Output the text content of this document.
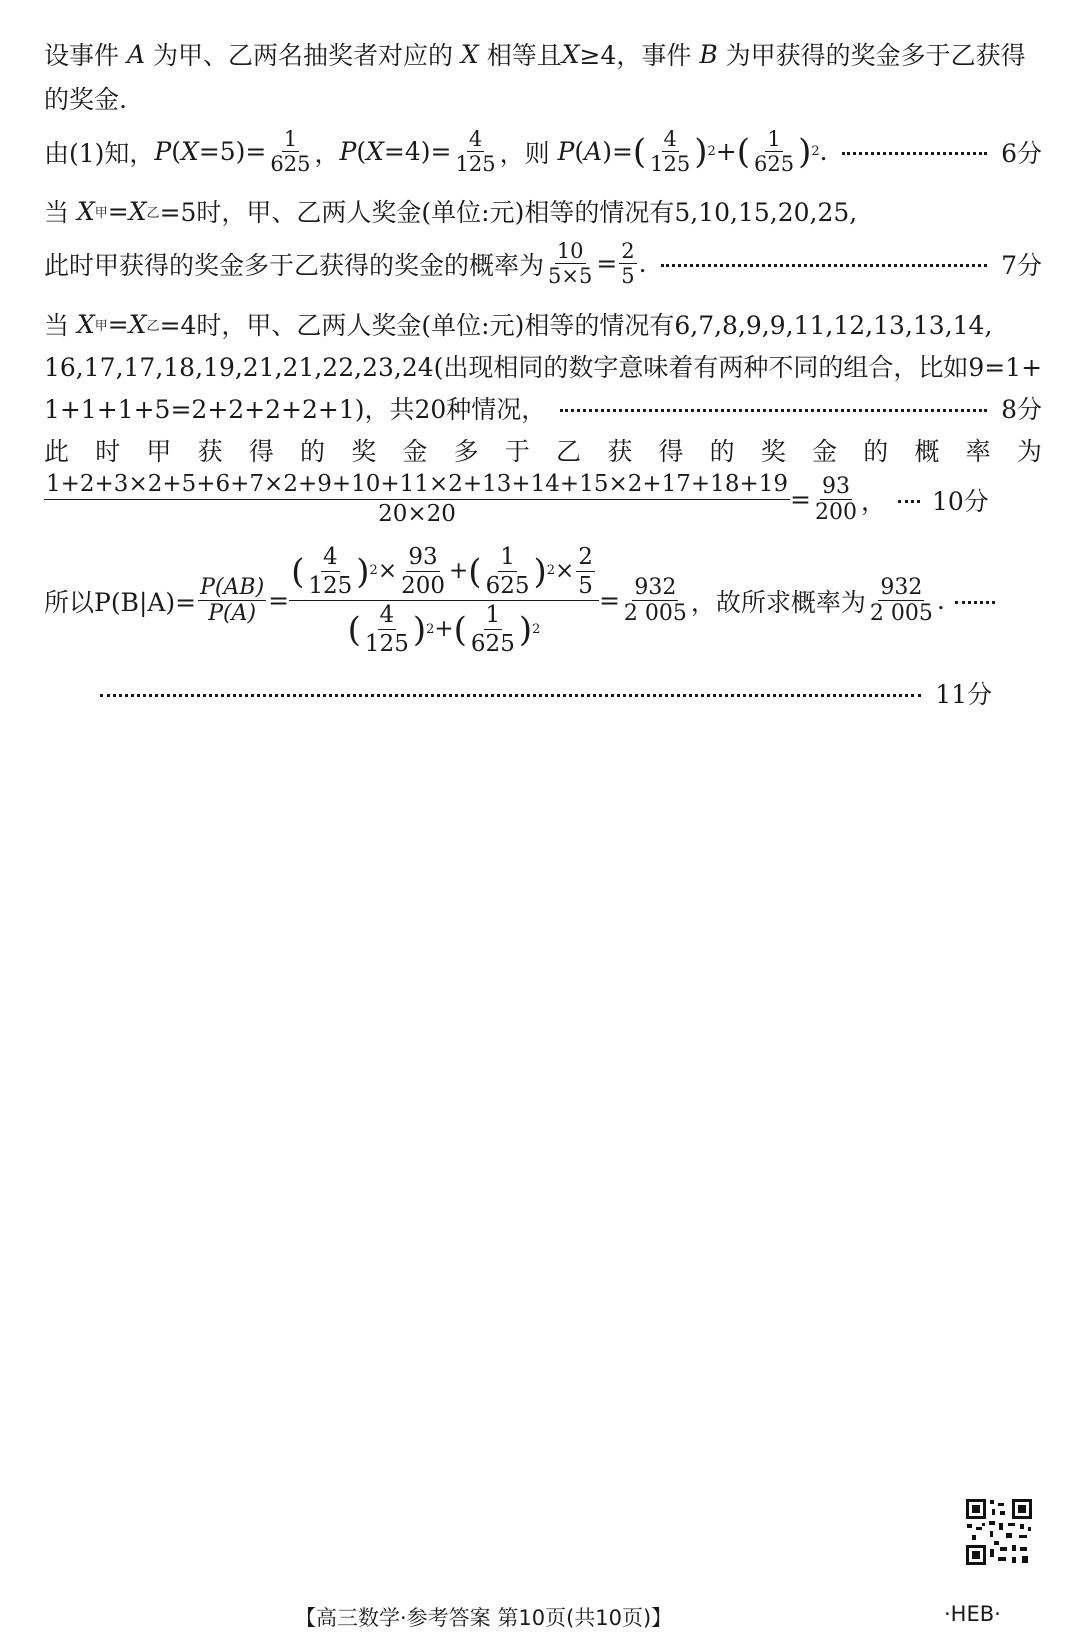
设事件 A 为甲、乙两名抽奖者对应的 X 相等且 X ≥4，事件 B 为甲获得的奖金多于乙获得
的奖金.
由(1)知， P ( $X =5)= \frac{1}{625}$ ， P ( $X =4)= \frac{4}{125}$ ，则 P ( A )= ( $\frac{4}{125}$ ) 2 + ( $\frac{1}{625}$ ) 2 .	6分
当 X 甲 = X 乙 =5时，甲、乙两人奖金(单位:元)相等的情况有5,10,15,20,25,
此时甲获得的奖金多于乙获得的奖金的概率为 $\frac{10}{5\times 5} = \frac{2}{5}$ .	7分
当 X 甲 = X 乙 =4时，甲、乙两人奖金(单位:元)相等的情况有6,7,8,9,9,11,12,13,13,14,
16,17,17,18,19,21,21,22,23,24(出现相同的数字意味着有两种不同的组合，比如9=1+
1+1+1+5=2+2+2+2+1)，共20种情况，	8分
此 时 甲 获 得 的 奖 金 多 于 乙 获 得 的 奖 金 的 概 率 为
$\frac{1+2+3\times 2+5+6+7\times 2+9+10+11\times 2+13+14+15\times 2+17+18+19}{20\times 20} = \frac{93}{200}$ ， 10分
所以$P(B|A)= \frac{P(AB)}{P(A)}$ =
( $\frac{4}{125}$ ) $2 \times \frac{93}{200}$ + ( $\frac{1}{625}$ ) $2 \times \frac{2}{5}$
( $\frac{4}{125}$ ) 2 + ( $\frac{1}{625}$ ) 2
= $\frac{932}{2 005}$ ，故所求概率为 $\frac{932}{2 005}$ .
11分
【高三数学·参考答案 第10页(共10页)】	·HEB·
